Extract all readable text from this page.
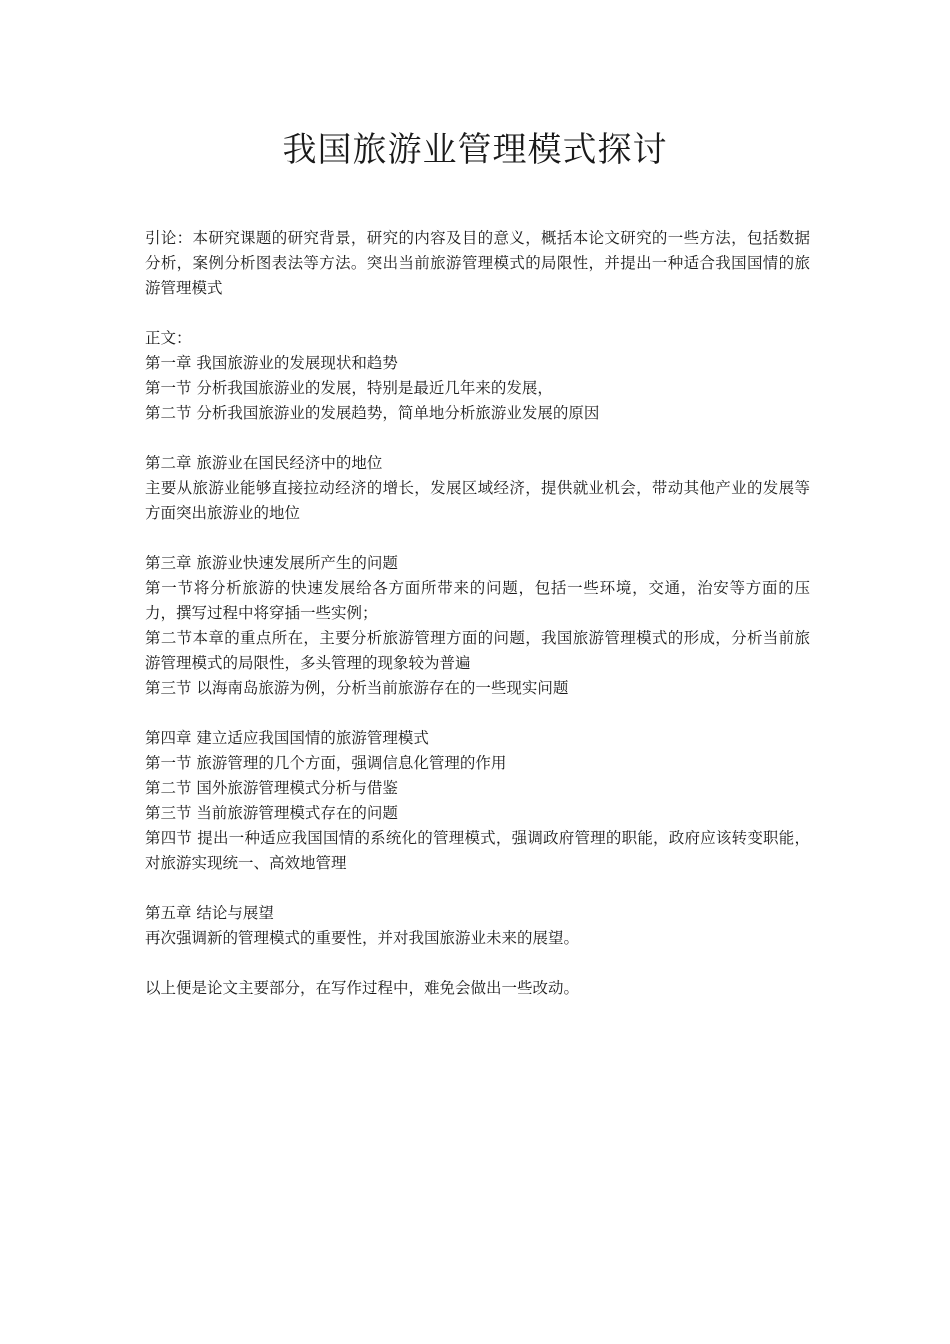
我国旅游业管理模式探讨

引论：本研究课题的研究背景，研究的内容及目的意义，概括本论文研究的一些方法，包括数据分析，案例分析图表法等方法。突出当前旅游管理模式的局限性，并提出一种适合我国国情的旅游管理模式

正文：

第一章 我国旅游业的发展现状和趋势

第一节 分析我国旅游业的发展，特别是最近几年来的发展，

第二节 分析我国旅游业的发展趋势，简单地分析旅游业发展的原因

第二章 旅游业在国民经济中的地位

主要从旅游业能够直接拉动经济的增长，发展区域经济，提供就业机会，带动其他产业的发展等方面突出旅游业的地位

第三章 旅游业快速发展所产生的问题

第一节将分析旅游的快速发展给各方面所带来的问题，包括一些环境，交通，治安等方面的压力，撰写过程中将穿插一些实例；

第二节本章的重点所在，主要分析旅游管理方面的问题，我国旅游管理模式的形成，分析当前旅游管理模式的局限性，多头管理的现象较为普遍

第三节 以海南岛旅游为例，分析当前旅游存在的一些现实问题

第四章 建立适应我国国情的旅游管理模式

第一节 旅游管理的几个方面，强调信息化管理的作用

第二节 国外旅游管理模式分析与借鉴

第三节 当前旅游管理模式存在的问题

第四节 提出一种适应我国国情的系统化的管理模式，强调政府管理的职能，政府应该转变职能，对旅游实现统一、高效地管理

第五章 结论与展望

再次强调新的管理模式的重要性，并对我国旅游业未来的展望。

以上便是论文主要部分，在写作过程中，难免会做出一些改动。
